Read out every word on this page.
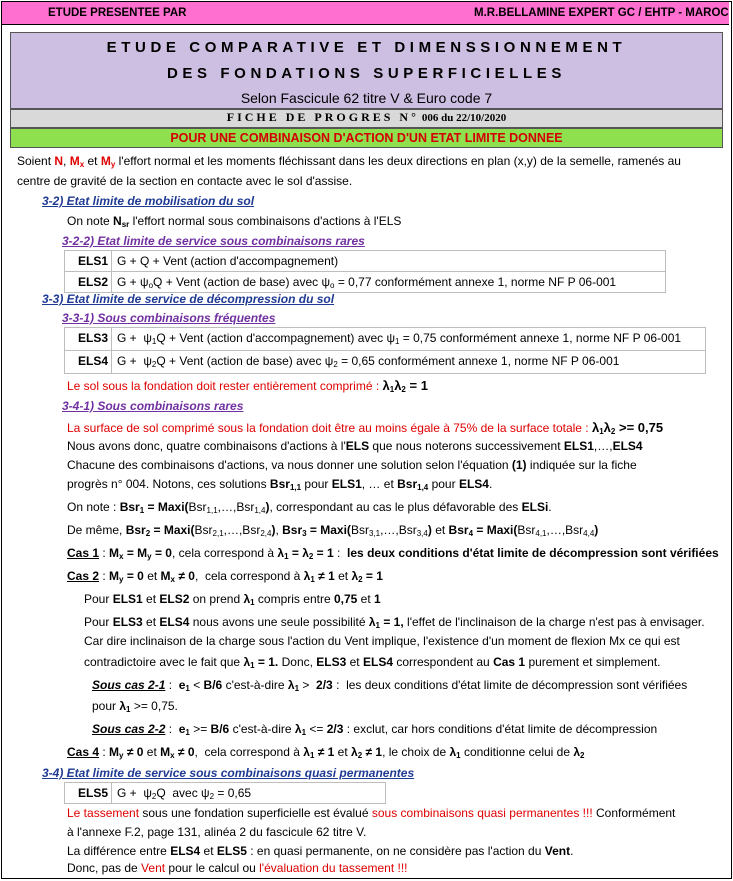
ETUDE PRESENTEE PAR	M.R.BELLAMINE EXPERT GC / EHTP - MAROC
ETUDE COMPARATIVE ET DIMENSSIONNEMENT
DES FONDATIONS SUPERFICIELLES
Selon Fascicule 62 titre V & Euro code 7
FICHE DE PROGRES N° 006 du 22/10/2020
POUR UNE COMBINAISON D'ACTION D'UN ETAT LIMITE DONNEE
Soient N, $M_x$ et $M_y$ l'effort normal et les moments fléchissant dans les deux directions en plan (x,y) de la semelle, ramenés au
centre de gravité de la section en contacte avec le sol d'assise.
3-2) Etat limite de mobilisation du sol
On note $N_{sr}$ l'effort normal sous combinaisons d'actions à l'ELS
3-2-2) Etat limite de service sous combinaisons rares
ELS1 G + Q + Vent (action d'accompagnement)
ELS2 $G + \psi_oQ$ + Vent (action de base) avec $\psi_o = 0,77$ conformément annexe 1, norme NF P 06-001
3-3) Etat limite de service de décompression du sol
3-3-1) Sous combinaisons fréquentes
ELS3 $G + \psi_1Q$ + Vent (action d'accompagnement) avec $\psi_1 = 0,75$ conformément annexe 1, norme NF P 06-001
ELS4 $G + \psi_2Q$ + Vent (action de base) avec $\psi_2 = 0,65$ conformément annexe 1, norme NF P 06-001
Le sol sous la fondation doit rester entièrement comprimé : $\lambda_1\lambda_2 = 1$
3-4-1) Sous combinaisons rares
La surface de sol comprimé sous la fondation doit être au moins égale à 75% de la surface totale : $\lambda_1\lambda_2 >= 0,75$
Nous avons donc, quatre combinaisons d'actions à l'ELS que nous noterons successivement ELS1,…,ELS4
Chacune des combinaisons d'actions, va nous donner une solution selon l'équation (1) indiquée sur la fiche
progrès n° 004. Notons, ces solutions Bsr$_{1,1}$ pour ELS1, … et Bsr$_{1,4}$ pour ELS4.
On note : Bsr$_1$ = Maxi(Bsr$_{1,1}$,…,Bsr$_{1,4}$), correspondant au cas le plus défavorable des ELSi.
De même, Bsr$_2$ = Maxi(Bsr$_{2,1}$,…,Bsr$_{2,4}$), Bsr$_3$ = Maxi(Bsr$_{3,1}$,…,Bsr$_{3,4}$) et Bsr$_4$ = Maxi(Bsr$_{4,1}$,…,Bsr$_{4,4}$)
Cas 1 : $M_x = M_y = 0$, cela correspond à $\lambda_1 = \lambda_2 = 1$ :  les deux conditions d'état limite de décompression sont vérifiées
Cas 2 : $M_y = 0$ et $M_x \ne 0$,  cela correspond à $\lambda_1 \ne 1$ et $\lambda_2 = 1$
Pour ELS1 et ELS2 on prend $\lambda_1$ compris entre 0,75 et 1
Pour ELS3 et ELS4 nous avons une seule possibilité $\lambda_1 = 1$, l'effet de l'inclinaison de la charge n'est pas à envisager.
Car dire inclinaison de la charge sous l'action du Vent implique, l'existence d'un moment de flexion Mx ce qui est
contradictoire avec le fait que $\lambda_1 = 1$. Donc, ELS3 et ELS4 correspondent au Cas 1 purement et simplement.
Sous cas 2-1 :  $e_1 < B/6$ c'est-à-dire $\lambda_1 > 2/3$ :  les deux conditions d'état limite de décompression sont vérifiées
pour $\lambda_1 >= 0,75$.
Sous cas 2-2 :  $e_1 >= B/6$ c'est-à-dire $\lambda_1 <= 2/3$ : exclut, car hors conditions d'état limite de décompression
Cas 4 : $M_y \ne 0$ et $M_x \ne 0$,  cela correspond à $\lambda_1 \ne 1$ et $\lambda_2 \ne 1$, le choix de $\lambda_1$ conditionne celui de $\lambda_2$
3-4) Etat limite de service sous combinaisons quasi permanentes
ELS5 $G + \psi_2Q$  avec $\psi_2 = 0,65$
Le tassement sous une fondation superficielle est évalué sous combinaisons quasi permanentes !!! Conformément
à l'annexe F.2, page 131, alinéa 2 du fascicule 62 titre V.
La différence entre ELS4 et ELS5 : en quasi permanente, on ne considère pas l'action du Vent.
Donc, pas de Vent pour le calcul ou l'évaluation du tassement !!!
